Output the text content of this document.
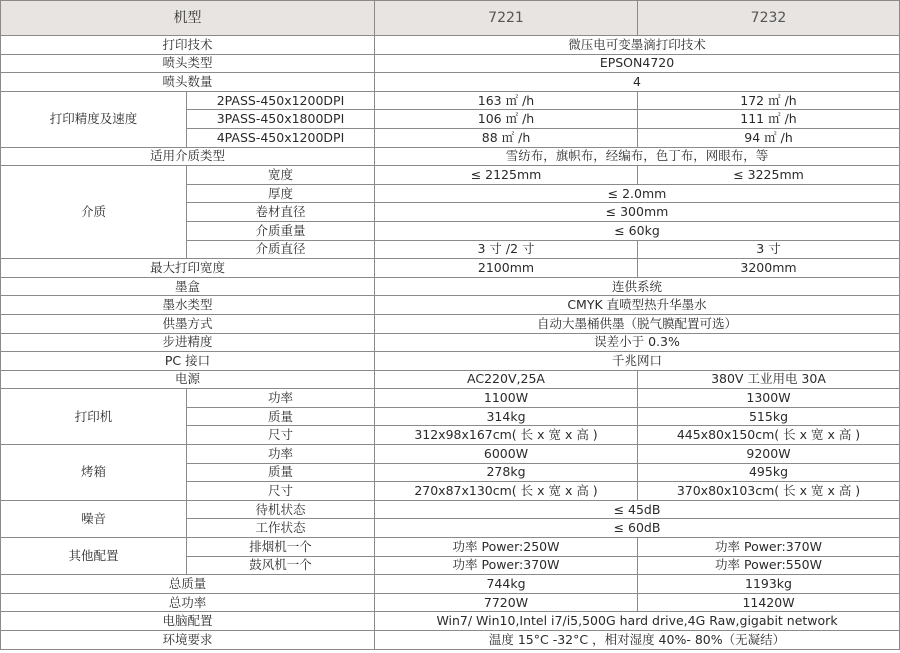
机型		7221	7232
打印技术		微压电可变墨滴打印技术	
喷头类型		EPSON4720	
喷头数量		4	
打印精度及速度	2PASS-450x1200DPI	163 ㎡ /h	172 ㎡ /h
	3PASS-450x1800DPI	106 ㎡ /h	111 ㎡ /h
	4PASS-450x1200DPI	88 ㎡ /h	94 ㎡ /h
适用介质类型		雪纺布，旗帜布，经编布，色丁布，网眼布，等	
介质	宽度	≤ 2125mm	≤ 3225mm
	厚度	≤ 2.0mm	
	卷材直径	≤ 300mm	
	介质重量	≤ 60kg	
	介质直径	3 寸 /2 寸	3 寸
最大打印宽度		2100mm	3200mm
墨盒		连供系统	
墨水类型		CMYK 直喷型热升华墨水	
供墨方式		自动大墨桶供墨（脱气膜配置可选）	
步进精度		误差小于 0.3%	
PC 接口		千兆网口	
电源		AC220V,25A	380V 工业用电 30A
打印机	功率	1100W	1300W
	质量	314kg	515kg
	尺寸	312x98x167cm( 长 x 宽 x 高 )	445x80x150cm( 长 x 宽 x 高 )
烤箱	功率	6000W	9200W
	质量	278kg	495kg
	尺寸	270x87x130cm( 长 x 宽 x 高 )	370x80x103cm( 长 x 宽 x 高 )
噪音	待机状态	≤ 45dB	
	工作状态	≤ 60dB	
其他配置	排烟机一个	功率 Power:250W	功率 Power:370W
	鼓风机一个	功率 Power:370W	功率 Power:550W
总质量		744kg	1193kg
总功率		7720W	11420W
电脑配置		Win7/ Win10,Intel i7/i5,500G hard drive,4G Raw,gigabit network	
环境要求		温度 15°C -32°C ，相对湿度 40%- 80%（无凝结）	
